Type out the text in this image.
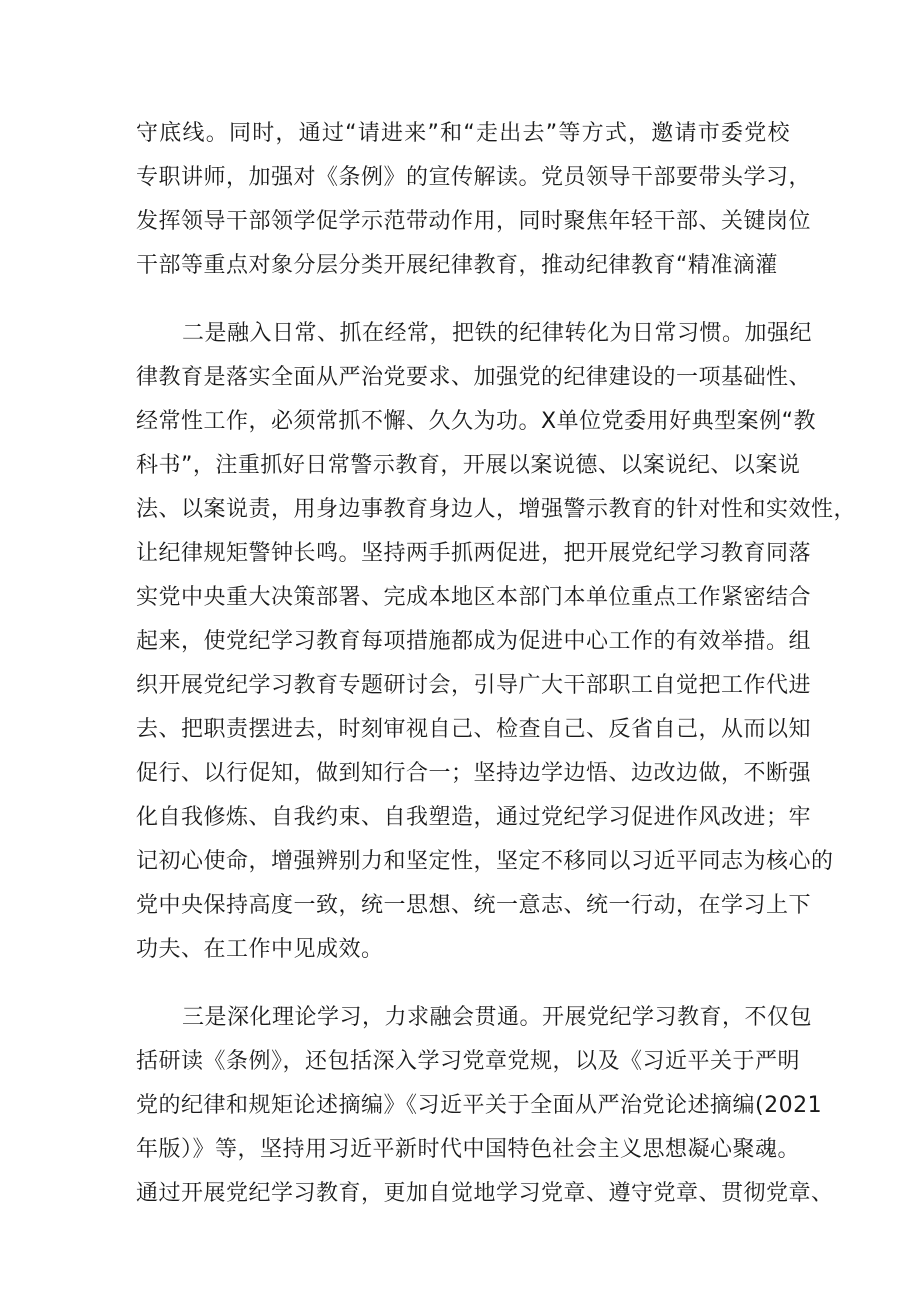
守底线。同时，通过“请进来”和“走出去”等方式，邀请市委党校
专职讲师，加强对《条例》的宣传解读。党员领导干部要带头学习，
发挥领导干部领学促学示范带动作用，同时聚焦年轻干部、关键岗位
干部等重点对象分层分类开展纪律教育，推动纪律教育“精准滴灌
二是融入日常、抓在经常，把铁的纪律转化为日常习惯。加强纪
律教育是落实全面从严治党要求、加强党的纪律建设的一项基础性、
经常性工作，必须常抓不懈、久久为功。X单位党委用好典型案例“教
科书”，注重抓好日常警示教育，开展以案说德、以案说纪、以案说
法、以案说责，用身边事教育身边人，增强警示教育的针对性和实效性，
让纪律规矩警钟长鸣。坚持两手抓两促进，把开展党纪学习教育同落
实党中央重大决策部署、完成本地区本部门本单位重点工作紧密结合
起来，使党纪学习教育每项措施都成为促进中心工作的有效举措。组
织开展党纪学习教育专题研讨会，引导广大干部职工自觉把工作代进
去、把职责摆进去，时刻审视自己、检查自己、反省自己，从而以知
促行、以行促知，做到知行合一；坚持边学边悟、边改边做，不断强
化自我修炼、自我约束、自我塑造，通过党纪学习促进作风改进；牢
记初心使命，增强辨别力和坚定性，坚定不移同以习近平同志为核心的
党中央保持高度一致，统一思想、统一意志、统一行动，在学习上下
功夫、在工作中见成效。
三是深化理论学习，力求融会贯通。开展党纪学习教育，不仅包
括研读《条例》，还包括深入学习党章党规，以及《习近平关于严明
党的纪律和规矩论述摘编》《习近平关于全面从严治党论述摘编(2021
年版）》等，坚持用习近平新时代中国特色社会主义思想凝心聚魂。
通过开展党纪学习教育，更加自觉地学习党章、遵守党章、贯彻党章、
